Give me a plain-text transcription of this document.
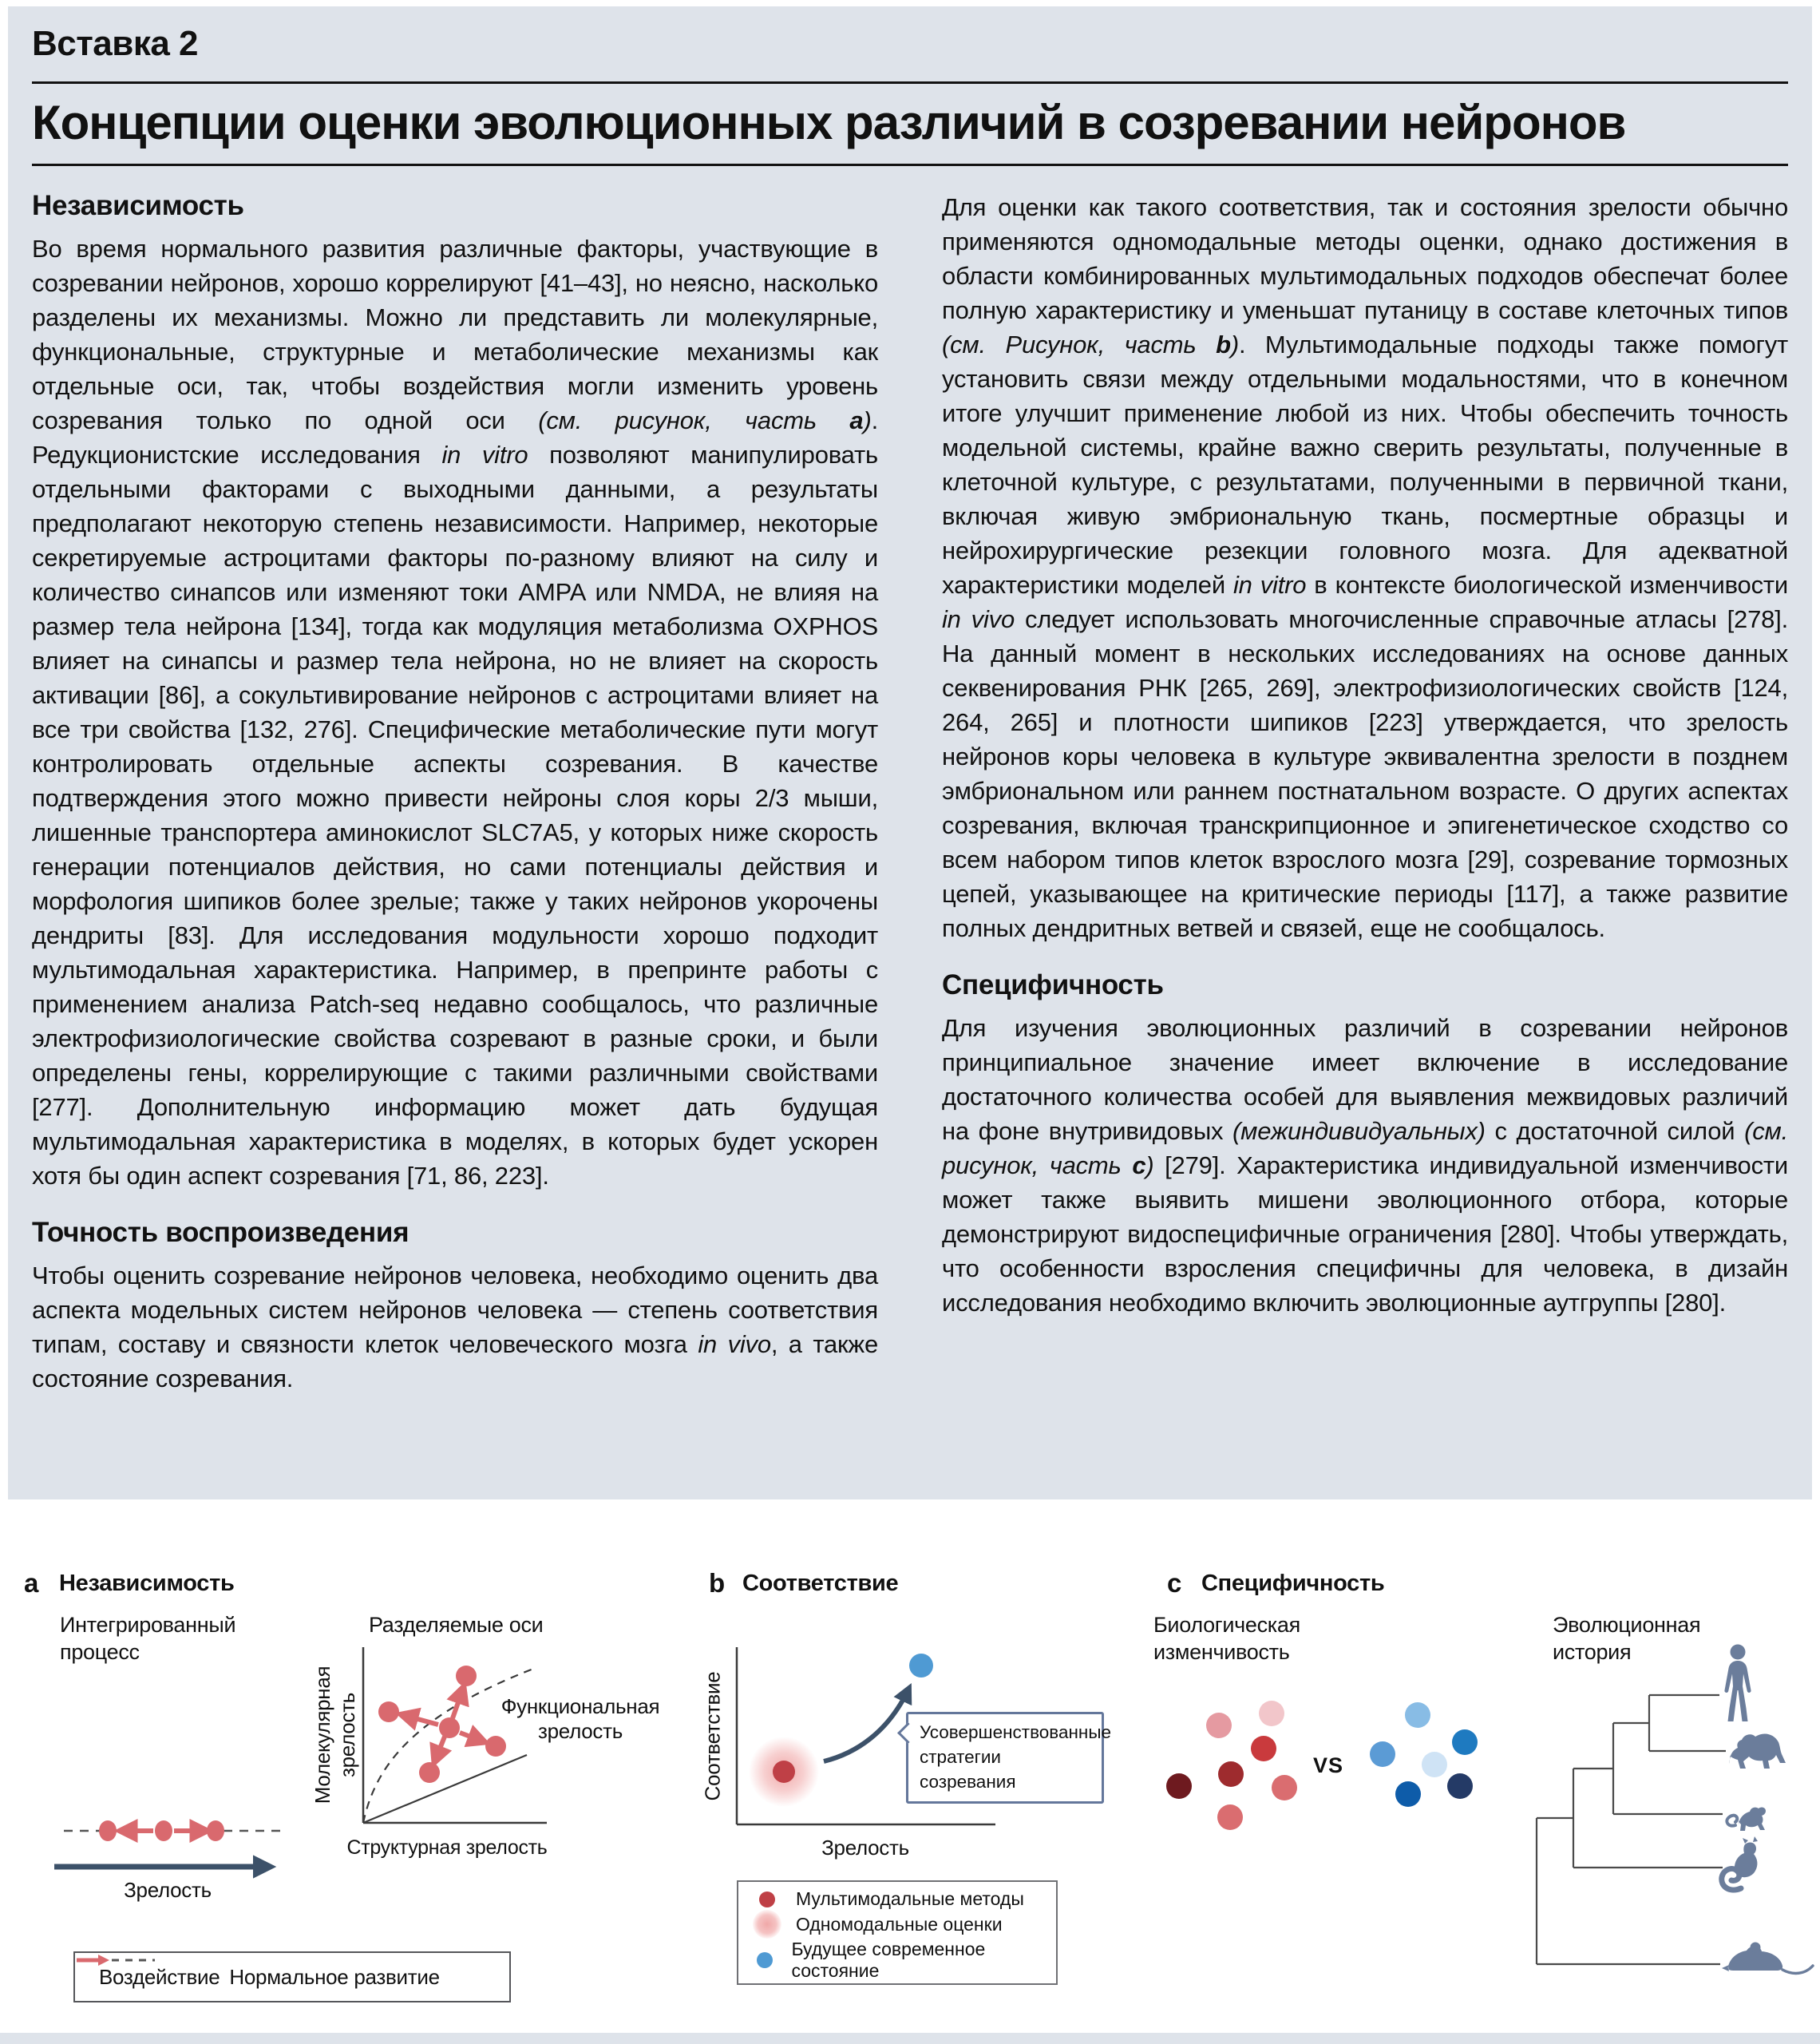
Вставка 2
Концепции оценки эволюционных различий в созревании нейронов
Независимость

Во время нормального развития различные факторы, участвующие в созревании нейронов, хорошо коррелируют [41–43], но неясно, насколько разделены их механизмы. Можно ли представить ли молекулярные, функциональные, структурные и метаболические механизмы как отдельные оси, так, чтобы воздействия могли изменить уровень созревания только по одной оси (см. рисунок, часть а). Редукционистские исследования in vitro позволяют манипулировать отдельными факторами с выходными данными, а результаты предполагают некоторую степень независимости. Например, некоторые секретируемые астроцитами факторы по-разному влияют на силу и количество синапсов или изменяют токи AMPA или NMDA, не влияя на размер тела нейрона [134], тогда как модуляция метаболизма OXPHOS влияет на синапсы и размер тела нейрона, но не влияет на скорость активации [86], а сокультивирование нейронов с астроцитами влияет на все три свойства [132, 276]. Специфические метаболические пути могут контролировать отдельные аспекты созревания. В качестве подтверждения этого можно привести нейроны слоя коры 2/3 мыши, лишенные транспортера аминокислот SLC7A5, у которых ниже скорость генерации потенциалов действия, но сами потенциалы действия и морфология шипиков более зрелые; также у таких нейронов укорочены дендриты [83]. Для исследования модульности хорошо подходит мультимодальная характеристика. Например, в препринте работы с применением анализа Patch-seq недавно сообщалось, что различные электрофизиологические свойства созревают в разные сроки, и были определены гены, коррелирующие с такими различными свойствами [277]. Дополнительную информацию может дать будущая мультимодальная характеристика в моделях, в которых будет ускорен хотя бы один аспект созревания [71, 86, 223].

Точность воспроизведения

Чтобы оценить созревание нейронов человека, необходимо оценить два аспекта модельных систем нейронов человека — степень соответствия типам, составу и связности клеток человеческого мозга in vivo, а также состояние созревания.

Для оценки как такого соответствия, так и состояния зрелости обычно применяются одномодальные методы оценки, однако достижения в области комбинированных мультимодальных подходов обеспечат более полную характеристику и уменьшат путаницу в составе клеточных типов (см. Рисунок, часть b). Мультимодальные подходы также помогут установить связи между отдельными модальностями, что в конечном итоге улучшит применение любой из них. Чтобы обеспечить точность модельной системы, крайне важно сверить результаты, полученные в клеточной культуре, с результатами, полученными в первичной ткани, включая живую эмбриональную ткань, посмертные образцы и нейрохирургические резекции головного мозга. Для адекватной характеристики моделей in vitro в контексте биологической изменчивости in vivo следует использовать многочисленные справочные атласы [278]. На данный момент в нескольких исследованиях на основе данных секвенирования РНК [265, 269], электрофизиологических свойств [124, 264, 265] и плотности шипиков [223] утверждается, что зрелость нейронов коры человека в культуре эквивалентна зрелости в позднем эмбриональном или раннем постнатальном возрасте. О других аспектах созревания, включая транскрипционное и эпигенетическое сходство со всем набором типов клеток взрослого мозга [29], созревание тормозных цепей, указывающее на критические периоды [117], а также развитие полных дендритных ветвей и связей, еще не сообщалось.

Специфичность

Для изучения эволюционных различий в созревании нейронов принципиальное значение имеет включение в исследование достаточного количества особей для выявления межвидовых различий на фоне внутривидовых (межиндивидуальных) с достаточной силой (см. рисунок, часть c) [279]. Характеристика индивидуальной изменчивости может также выявить мишени эволюционного отбора, которые демонстрируют видоспецифичные ограничения [280]. Чтобы утверждать, что особенности взросления специфичны для человека, в дизайн исследования необходимо включить эволюционные аутгруппы [280].

a Независимость
Интегрированный процесс
Разделяемые оси
Молекулярная зрелость
Структурная зрелость
Функциональная зрелость
Зрелость
Воздействие Нормальное развитие
b Соответствие
Соответствие
Зрелость
Усовершенствованные стратегии созревания
Мультимодальные методы
Одномодальные оценки
Будущее современное состояние
c Специфичность
Биологическая изменчивость
Эволюционная история
VS
